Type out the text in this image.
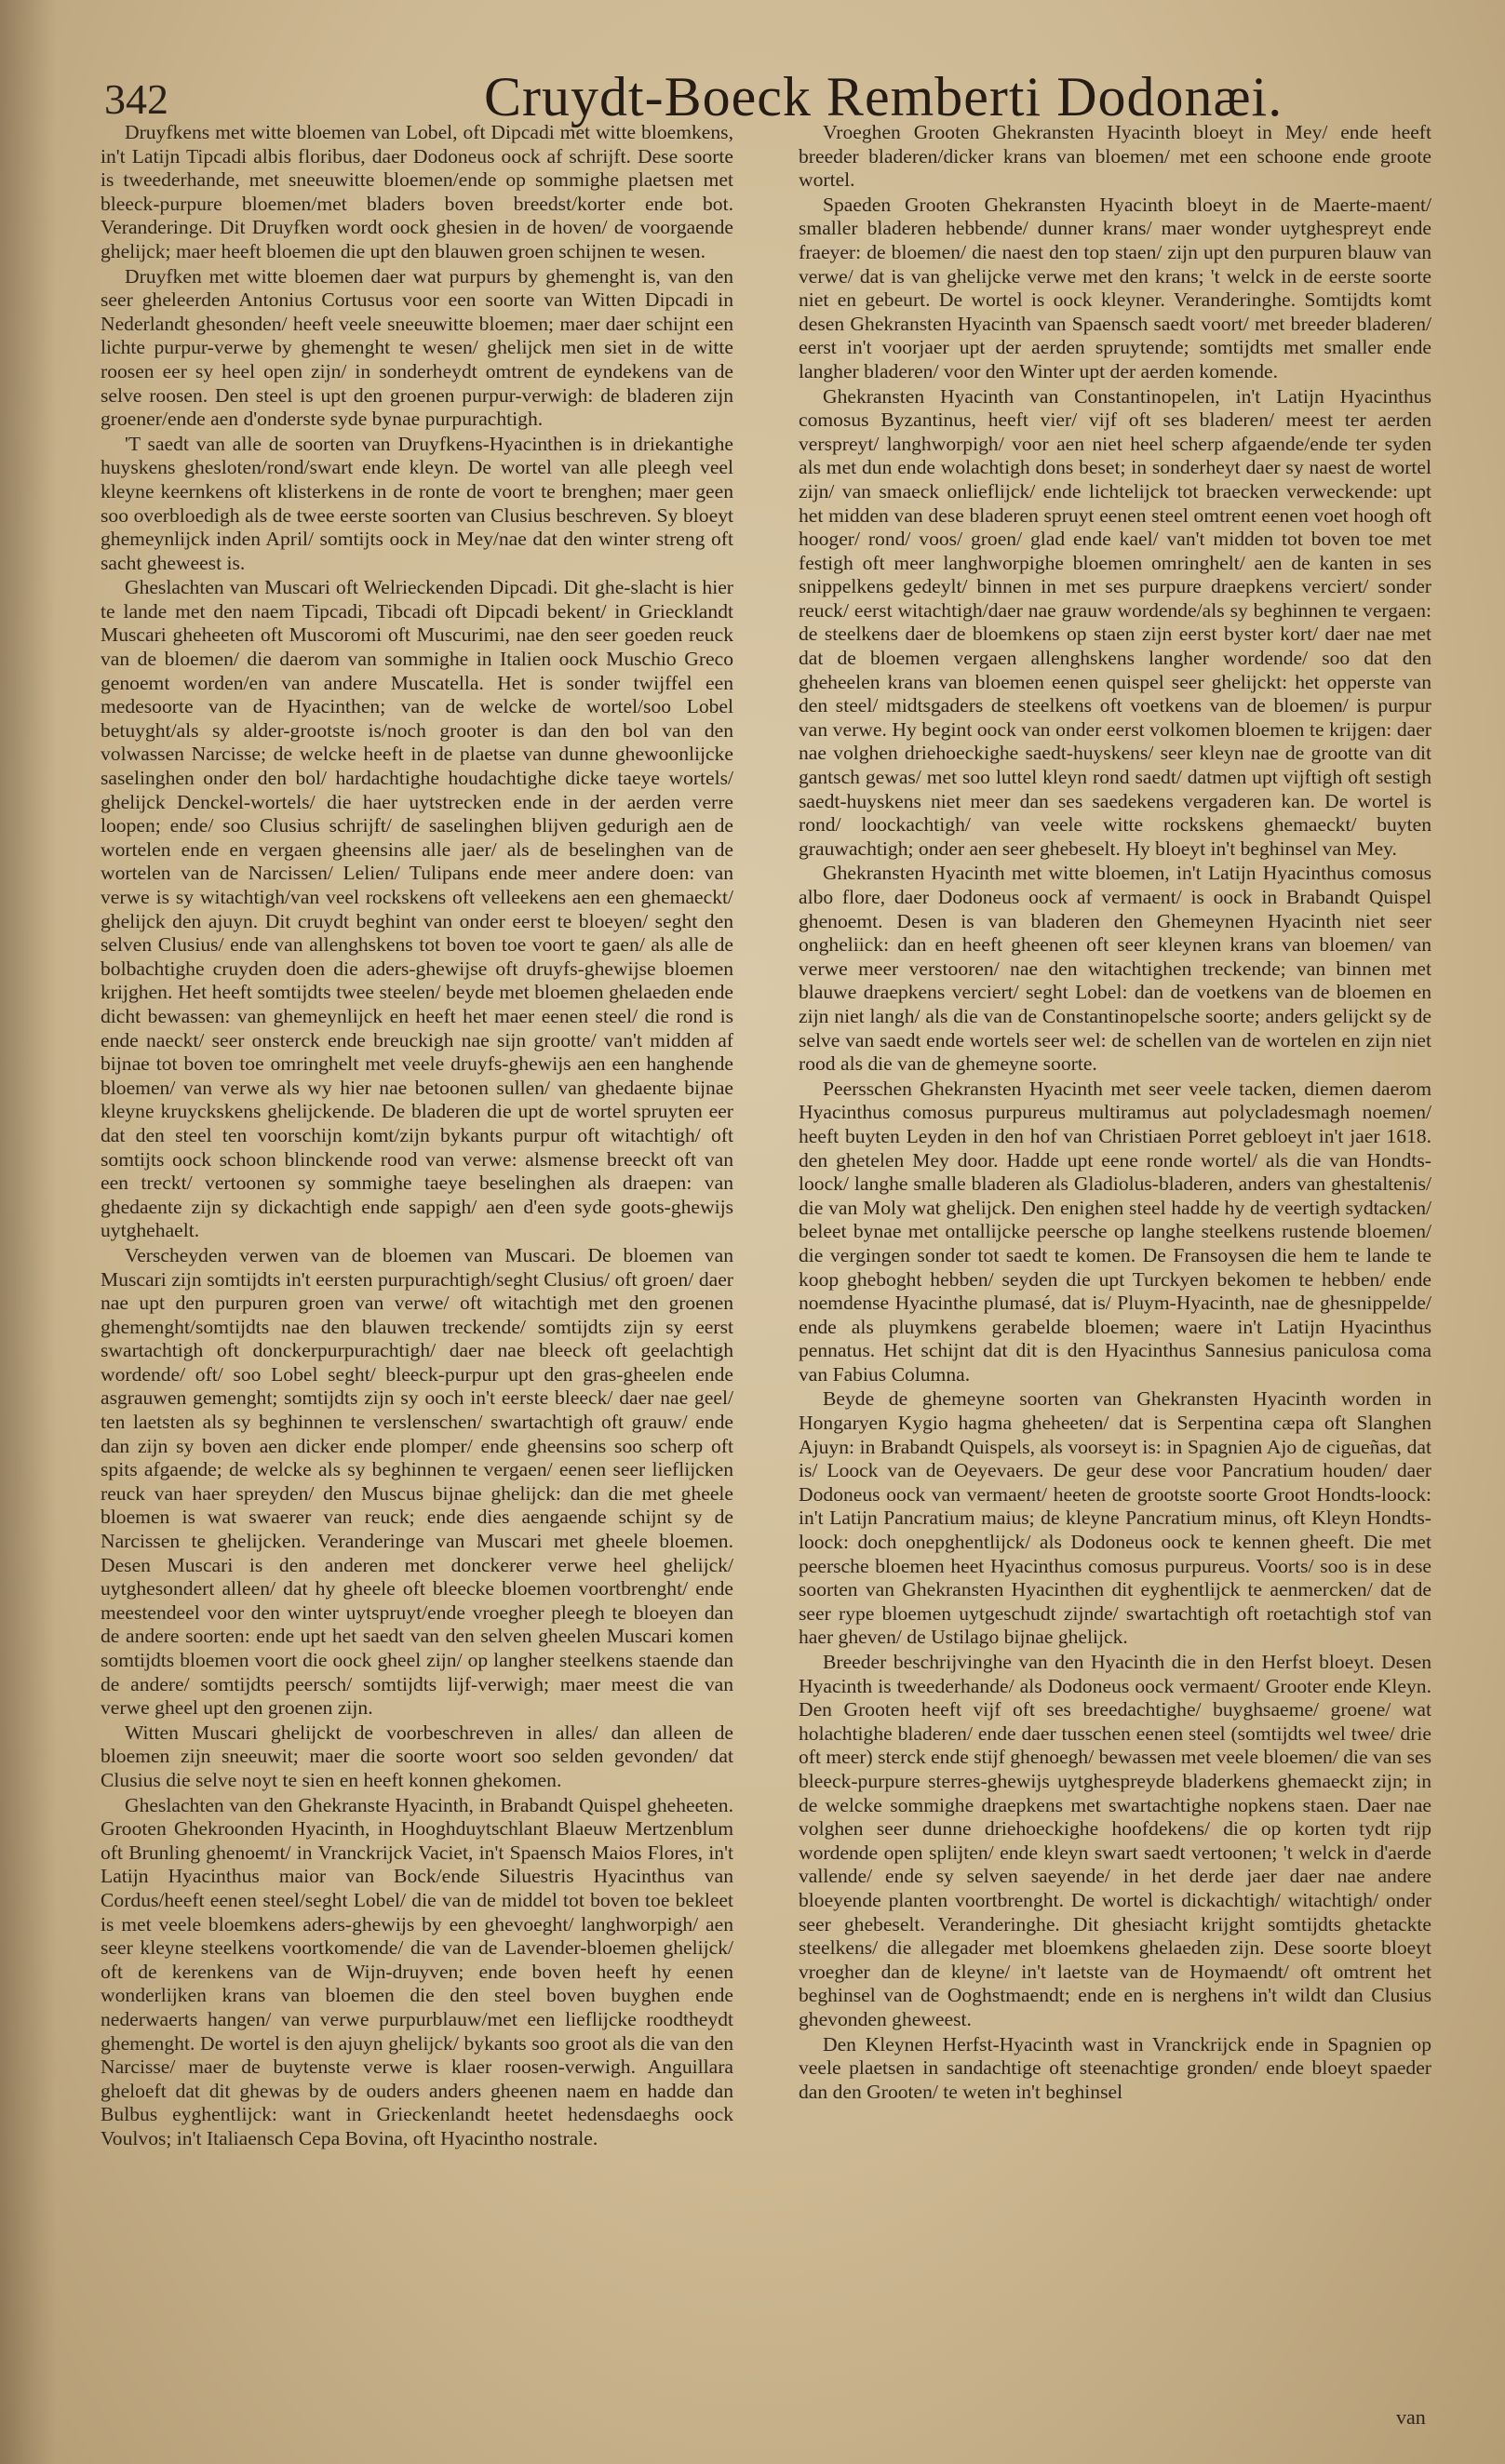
342	Cruydt-Boeck Remberti Dodonæi.

Druyfkens met witte bloemen van Lobel, oft Dipcadi met witte bloemkens, in't Latijn Tipcadi albis floribus, daer Dodoneus oock af schrijft. Dese soorte is tweederhande, met sneeuwitte bloemen/ende op sommighe plaetsen met bleeck-purpure bloemen/met bladers boven breedst/korter ende bot. Veranderinge. Dit Druyfken wordt oock ghesien in de hoven/ de voorgaende ghelijck; maer heeft bloemen die upt den blauwen groen schijnen te wesen.

Druyfken met witte bloemen daer wat purpurs by ghemenght is, van den seer gheleerden Antonius Cortusus voor een soorte van Witten Dipcadi in Nederlandt ghesonden/ heeft veele sneeuwitte bloemen; maer daer schijnt een lichte purpur-verwe by ghemenght te wesen/ ghelijck men siet in de witte roosen eer sy heel open zijn/ in sonderheydt omtrent de eyndekens van de selve roosen. Den steel is upt den groenen purpur-verwigh: de bladeren zijn groener/ende aen d'onderste syde bynae purpurachtigh.

'T saedt van alle de soorten van Druyfkens-Hyacinthen is in driekantighe huyskens ghesloten/rond/swart ende kleyn. De wortel van alle pleegh veel kleyne keernkens oft klisterkens in de ronte de voort te brenghen; maer geen soo overbloedigh als de twee eerste soorten van Clusius beschreven. Sy bloeyt ghemeynlijck inden April/ somtijts oock in Mey/nae dat den winter streng oft sacht gheweest is.

Gheslachten van Muscari oft Welrieckenden Dipcadi. Dit ghe-slacht is hier te lande met den naem Tipcadi, Tibcadi oft Dipcadi bekent/ in Griecklandt Muscari gheheeten oft Muscoromi oft Muscurimi, nae den seer goeden reuck van de bloemen/ die daerom van sommighe in Italien oock Muschio Greco genoemt worden/en van andere Muscatella. Het is sonder twijffel een medesoorte van de Hyacinthen; van de welcke de wortel/soo Lobel betuyght/als sy alder-grootste is/noch grooter is dan den bol van den volwassen Narcisse; de welcke heeft in de plaetse van dunne ghewoonlijcke saselinghen onder den bol/ hardachtighe houdachtighe dicke taeye wortels/ ghelijck Denckel-wortels/ die haer uytstrecken ende in der aerden verre loopen; ende/ soo Clusius schrijft/ de saselinghen blijven gedurigh aen de wortelen ende en vergaen gheensins alle jaer/ als de beselinghen van de wortelen van de Narcissen/ Lelien/ Tulipans ende meer andere doen: van verwe is sy witachtigh/van veel rockskens oft velleekens aen een ghemaeckt/ ghelijck den ajuyn. Dit cruydt beghint van onder eerst te bloeyen/ seght den selven Clusius/ ende van allenghskens tot boven toe voort te gaen/ als alle de bolbachtighe cruyden doen die aders-ghewijse oft druyfs-ghewijse bloemen krijghen. Het heeft somtijdts twee steelen/ beyde met bloemen ghelaeden ende dicht bewassen: van ghemeynlijck en heeft het maer eenen steel/ die rond is ende naeckt/ seer onsterck ende breuckigh nae sijn grootte/ van't midden af bijnae tot boven toe omringhelt met veele druyfs-ghewijs aen een hanghende bloemen/ van verwe als wy hier nae betoonen sullen/ van ghedaente bijnae kleyne kruyckskens ghelijckende. De bladeren die upt de wortel spruyten eer dat den steel ten voorschijn komt/zijn bykants purpur oft witachtigh/ oft somtijts oock schoon blinckende rood van verwe: alsmense breeckt oft van een treckt/ vertoonen sy sommighe taeye beselinghen als draepen: van ghedaente zijn sy dickachtigh ende sappigh/ aen d'een syde goots-ghewijs uytghehaelt.

Verscheyden verwen van de bloemen van Muscari. De bloemen van Muscari zijn somtijdts in't eersten purpurachtigh/seght Clusius/ oft groen/ daer nae upt den purpuren groen van verwe/ oft witachtigh met den groenen ghemenght/somtijdts nae den blauwen treckende/ somtijdts zijn sy eerst swartachtigh oft donckerpurpurachtigh/ daer nae bleeck oft geelachtigh wordende/ oft/ soo Lobel seght/ bleeck-purpur upt den gras-gheelen ende asgrauwen gemenght; somtijdts zijn sy ooch in't eerste bleeck/ daer nae geel/ ten laetsten als sy beghinnen te verslenschen/ swartachtigh oft grauw/ ende dan zijn sy boven aen dicker ende plomper/ ende gheensins soo scherp oft spits afgaende; de welcke als sy beghinnen te vergaen/ eenen seer lieflijcken reuck van haer spreyden/ den Muscus bijnae ghelijck: dan die met gheele bloemen is wat swaerer van reuck; ende dies aengaende schijnt sy de Narcissen te ghelijcken. Veranderinge van Muscari met gheele bloemen. Desen Muscari is den anderen met donckerer verwe heel ghelijck/ uytghesondert alleen/ dat hy gheele oft bleecke bloemen voortbrenght/ ende meestendeel voor den winter uytspruyt/ende vroegher pleegh te bloeyen dan de andere soorten: ende upt het saedt van den selven gheelen Muscari komen somtijdts bloemen voort die oock gheel zijn/ op langher steelkens staende dan de andere/ somtijdts peersch/ somtijdts lijf-verwigh; maer meest die van verwe gheel upt den groenen zijn.

Witten Muscari ghelijckt de voorbeschreven in alles/ dan alleen de bloemen zijn sneeuwit; maer die soorte woort soo selden gevonden/ dat Clusius die selve noyt te sien en heeft konnen ghekomen.

Gheslachten van den Ghekranste Hyacinth, in Brabandt Quispel gheheeten. Grooten Ghekroonden Hyacinth, in Hooghduytschlant Blaeuw Mertzenblum oft Brunling ghenoemt/ in Vranckrijck Vaciet, in't Spaensch Maios Flores, in't Latijn Hyacinthus maior van Bock/ende Siluestris Hyacinthus van Cordus/heeft eenen steel/seght Lobel/ die van de middel tot boven toe bekleet is met veele bloemkens aders-ghewijs by een ghevoeght/ langhworpigh/ aen seer kleyne steelkens voortkomende/ die van de Lavender-bloemen ghelijck/ oft de kerenkens van de Wijn-druyven; ende boven heeft hy eenen wonderlijken krans van bloemen die den steel boven buyghen ende nederwaerts hangen/ van verwe purpurblauw/met een lieflijcke roodtheydt ghemenght. De wortel is den ajuyn ghelijck/ bykants soo groot als die van den Narcisse/ maer de buytenste verwe is klaer roosen-verwigh. Anguillara gheloeft dat dit ghewas by de ouders anders gheenen naem en hadde dan Bulbus eyghentlijck: want in Grieckenlandt heetet hedensdaeghs oock Voulvos; in't Italiaensch Cepa Bovina, oft Hyacintho nostrale.

Vroeghen Grooten Ghekransten Hyacinth bloeyt in Mey/ ende heeft breeder bladeren/dicker krans van bloemen/ met een schoone ende groote wortel.

Spaeden Grooten Ghekransten Hyacinth bloeyt in de Maerte-maent/ smaller bladeren hebbende/ dunner krans/ maer wonder uytghespreyt ende fraeyer: de bloemen/ die naest den top staen/ zijn upt den purpuren blauw van verwe/ dat is van ghelijcke verwe met den krans; 't welck in de eerste soorte niet en gebeurt. De wortel is oock kleyner. Veranderinghe. Somtijdts komt desen Ghekransten Hyacinth van Spaensch saedt voort/ met breeder bladeren/ eerst in't voorjaer upt der aerden spruytende; somtijdts met smaller ende langher bladeren/ voor den Winter upt der aerden komende.

Ghekransten Hyacinth van Constantinopelen, in't Latijn Hyacinthus comosus Byzantinus, heeft vier/ vijf oft ses bladeren/ meest ter aerden verspreyt/ langhworpigh/ voor aen niet heel scherp afgaende/ende ter syden als met dun ende wolachtigh dons beset; in sonderheyt daer sy naest de wortel zijn/ van smaeck onlieflijck/ ende lichtelijck tot braecken verweckende: upt het midden van dese bladeren spruyt eenen steel omtrent eenen voet hoogh oft hooger/ rond/ voos/ groen/ glad ende kael/ van't midden tot boven toe met festigh oft meer langhworpighe bloemen omringhelt/ aen de kanten in ses snippelkens gedeylt/ binnen in met ses purpure draepkens verciert/ sonder reuck/ eerst witachtigh/daer nae grauw wordende/als sy beghinnen te vergaen: de steelkens daer de bloemkens op staen zijn eerst byster kort/ daer nae met dat de bloemen vergaen allenghskens langher wordende/ soo dat den gheheelen krans van bloemen eenen quispel seer ghelijckt: het opperste van den steel/ midtsgaders de steelkens oft voetkens van de bloemen/ is purpur van verwe. Hy begint oock van onder eerst volkomen bloemen te krijgen: daer nae volghen driehoeckighe saedt-huyskens/ seer kleyn nae de grootte van dit gantsch gewas/ met soo luttel kleyn rond saedt/ datmen upt vijftigh oft sestigh saedt-huyskens niet meer dan ses saedekens vergaderen kan. De wortel is rond/ loockachtigh/ van veele witte rockskens ghemaeckt/ buyten grauwachtigh; onder aen seer ghebeselt. Hy bloeyt in't beghinsel van Mey.

Ghekransten Hyacinth met witte bloemen, in't Latijn Hyacinthus comosus albo flore, daer Dodoneus oock af vermaent/ is oock in Brabandt Quispel ghenoemt. Desen is van bladeren den Ghemeynen Hyacinth niet seer ongheliick: dan en heeft gheenen oft seer kleynen krans van bloemen/ van verwe meer verstooren/ nae den witachtighen treckende; van binnen met blauwe draepkens verciert/ seght Lobel: dan de voetkens van de bloemen en zijn niet langh/ als die van de Constantinopelsche soorte; anders gelijckt sy de selve van saedt ende wortels seer wel: de schellen van de wortelen en zijn niet rood als die van de ghemeyne soorte.

Peersschen Ghekransten Hyacinth met seer veele tacken, diemen daerom Hyacinthus comosus purpureus multiramus aut polycladesmagh noemen/ heeft buyten Leyden in den hof van Christiaen Porret gebloeyt in't jaer 1618. den ghetelen Mey door. Hadde upt eene ronde wortel/ als die van Hondts-loock/ langhe smalle bladeren als Gladiolus-bladeren, anders van ghestaltenis/ die van Moly wat ghelijck. Den enighen steel hadde hy de veertigh sydtacken/ beleet bynae met ontallijcke peersche op langhe steelkens rustende bloemen/ die vergingen sonder tot saedt te komen. De Fransoysen die hem te lande te koop gheboght hebben/ seyden die upt Turckyen bekomen te hebben/ ende noemdense Hyacinthe plumasé, dat is/ Pluym-Hyacinth, nae de ghesnippelde/ ende als pluymkens gerabelde bloemen; waere in't Latijn Hyacinthus pennatus. Het schijnt dat dit is den Hyacinthus Sannesius paniculosa coma van Fabius Columna.

Beyde de ghemeyne soorten van Ghekransten Hyacinth worden in Hongaryen Kygio hagma gheheeten/ dat is Serpentina cæpa oft Slanghen Ajuyn: in Brabandt Quispels, als voorseyt is: in Spagnien Ajo de cigueñas, dat is/ Loock van de Oeyevaers. De geur dese voor Pancratium houden/ daer Dodoneus oock van vermaent/ heeten de grootste soorte Groot Hondts-loock: in't Latijn Pancratium maius; de kleyne Pancratium minus, oft Kleyn Hondts-loock: doch onepghentlijck/ als Dodoneus oock te kennen gheeft. Die met peersche bloemen heet Hyacinthus comosus purpureus. Voorts/ soo is in dese soorten van Ghekransten Hyacinthen dit eyghentlijck te aenmercken/ dat de seer rype bloemen uytgeschudt zijnde/ swartachtigh oft roetachtigh stof van haer gheven/ de Ustilago bijnae ghelijck.

Breeder beschrijvinghe van den Hyacinth die in den Herfst bloeyt. Desen Hyacinth is tweederhande/ als Dodoneus oock vermaent/ Grooter ende Kleyn. Den Grooten heeft vijf oft ses breedachtighe/ buyghsaeme/ groene/ wat holachtighe bladeren/ ende daer tusschen eenen steel (somtijdts wel twee/ drie oft meer) sterck ende stijf ghenoegh/ bewassen met veele bloemen/ die van ses bleeck-purpure sterres-ghewijs uytghespreyde bladerkens ghemaeckt zijn; in de welcke sommighe draepkens met swartachtighe nopkens staen. Daer nae volghen seer dunne driehoeckighe hoofdekens/ die op korten tydt rijp wordende open splijten/ ende kleyn swart saedt vertoonen; 't welck in d'aerde vallende/ ende sy selven saeyende/ in het derde jaer daer nae andere bloeyende planten voortbrenght. De wortel is dickachtigh/ witachtigh/ onder seer ghebeselt. Veranderinghe. Dit ghesiacht krijght somtijdts ghetackte steelkens/ die allegader met bloemkens ghelaeden zijn. Dese soorte bloeyt vroegher dan de kleyne/ in't laetste van de Hoymaendt/ oft omtrent het beghinsel van de Ooghstmaendt; ende en is nerghens in't wildt dan Clusius ghevonden gheweest.

Den Kleynen Herfst-Hyacinth wast in Vranckrijck ende in Spagnien op veele plaetsen in sandachtige oft steenachtige gronden/ ende bloeyt spaeder dan den Grooten/ te weten in't beghinsel

van
